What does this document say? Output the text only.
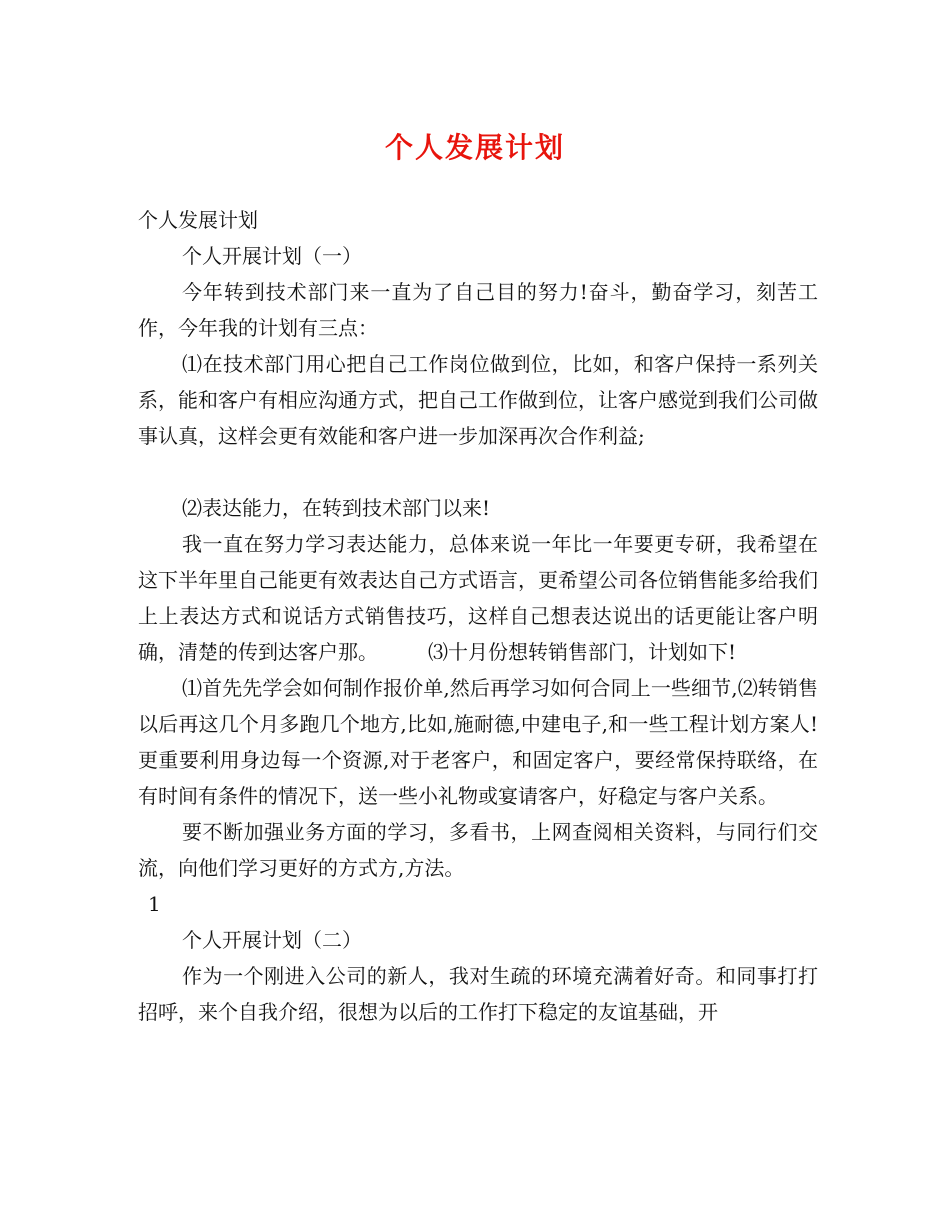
个人发展计划

个人发展计划

个人开展计划（一）

今年转到技术部门来一直为了自己目的努力!奋斗，勤奋学习，刻苦工作，今年我的计划有三点：

⑴在技术部门用心把自己工作岗位做到位，比如，和客户保持一系列关系，能和客户有相应沟通方式，把自己工作做到位，让客户感觉到我们公司做事认真，这样会更有效能和客户进一步加深再次合作利益;

⑵表达能力，在转到技术部门以来!

我一直在努力学习表达能力，总体来说一年比一年要更专研，我希望在这下半年里自己能更有效表达自己方式语言，更希望公司各位销售能多给我们上上表达方式和说话方式销售技巧，这样自己想表达说出的话更能让客户明确，清楚的传到达客户那。　　　⑶十月份想转销售部门，计划如下!

⑴首先先学会如何制作报价单,然后再学习如何合同上一些细节,⑵转销售以后再这几个月多跑几个地方,比如,施耐德,中建电子,和一些工程计划方案人!更重要利用身边每一个资源,对于老客户，和固定客户，要经常保持联络，在有时间有条件的情况下，送一些小礼物或宴请客户，好稳定与客户关系。

要不断加强业务方面的学习，多看书，上网查阅相关资料，与同行们交流，向他们学习更好的方式方,方法。

1

个人开展计划（二）

作为一个刚进入公司的新人，我对生疏的环境充满着好奇。和同事打打招呼，来个自我介绍，很想为以后的工作打下稳定的友谊基础，开
